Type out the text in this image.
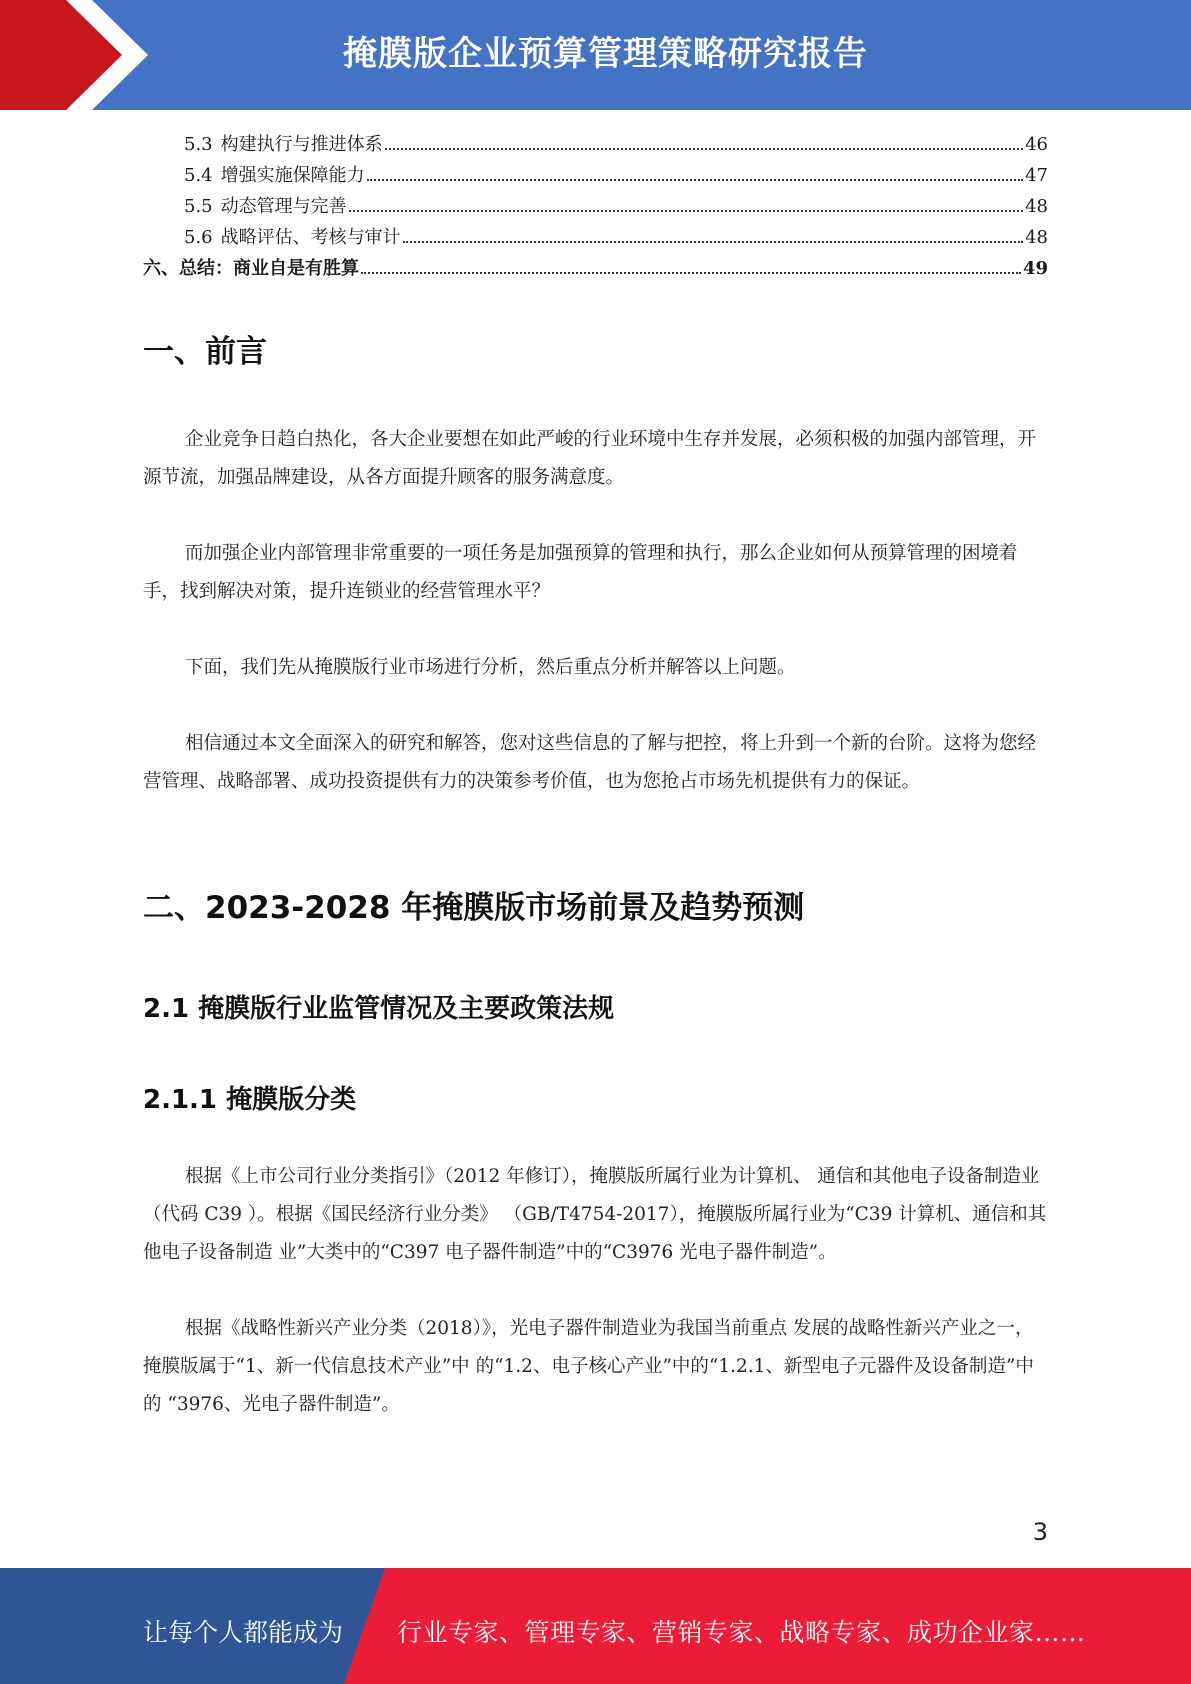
掩膜版企业预算管理策略研究报告
5.3 构建执行与推进体系	46
5.4 增强实施保障能力	47
5.5 动态管理与完善	48
5.6 战略评估、考核与审计	48
六、总结：商业自是有胜算	49
一、前言

企业竞争日趋白热化，各大企业要想在如此严峻的行业环境中生存并发展，必须积极的加强内部管理，开源节流，加强品牌建设，从各方面提升顾客的服务满意度。

而加强企业内部管理非常重要的一项任务是加强预算的管理和执行，那么企业如何从预算管理的困境着手，找到解决对策，提升连锁业的经营管理水平？

下面，我们先从掩膜版行业市场进行分析，然后重点分析并解答以上问题。

相信通过本文全面深入的研究和解答，您对这些信息的了解与把控，将上升到一个新的台阶。这将为您经营管理、战略部署、成功投资提供有力的决策参考价值，也为您抢占市场先机提供有力的保证。

二、2023-2028 年掩膜版市场前景及趋势预测
2.1 掩膜版行业监管情况及主要政策法规
2.1.1 掩膜版分类

根据《上市公司行业分类指引》（2012 年修订），掩膜版所属行业为计算机、 通信和其他电子设备制造业（代码 C39 ）。根据《国民经济行业分类》 （GB/T4754-2017），掩膜版所属行业为“C39 计算机、通信和其他电子设备制造 业”大类中的“C397 电子器件制造”中的“C3976 光电子器件制造”。

根据《战略性新兴产业分类（2018）》，光电子器件制造业为我国当前重点 发展的战略性新兴产业之一，掩膜版属于“1、新一代信息技术产业”中 的“1.2、电子核心产业”中的“1.2.1、新型电子元器件及设备制造”中的 “3976、光电子器件制造”。

3
让每个人都能成为 行业专家、管理专家、营销专家、战略专家、成功企业家……
